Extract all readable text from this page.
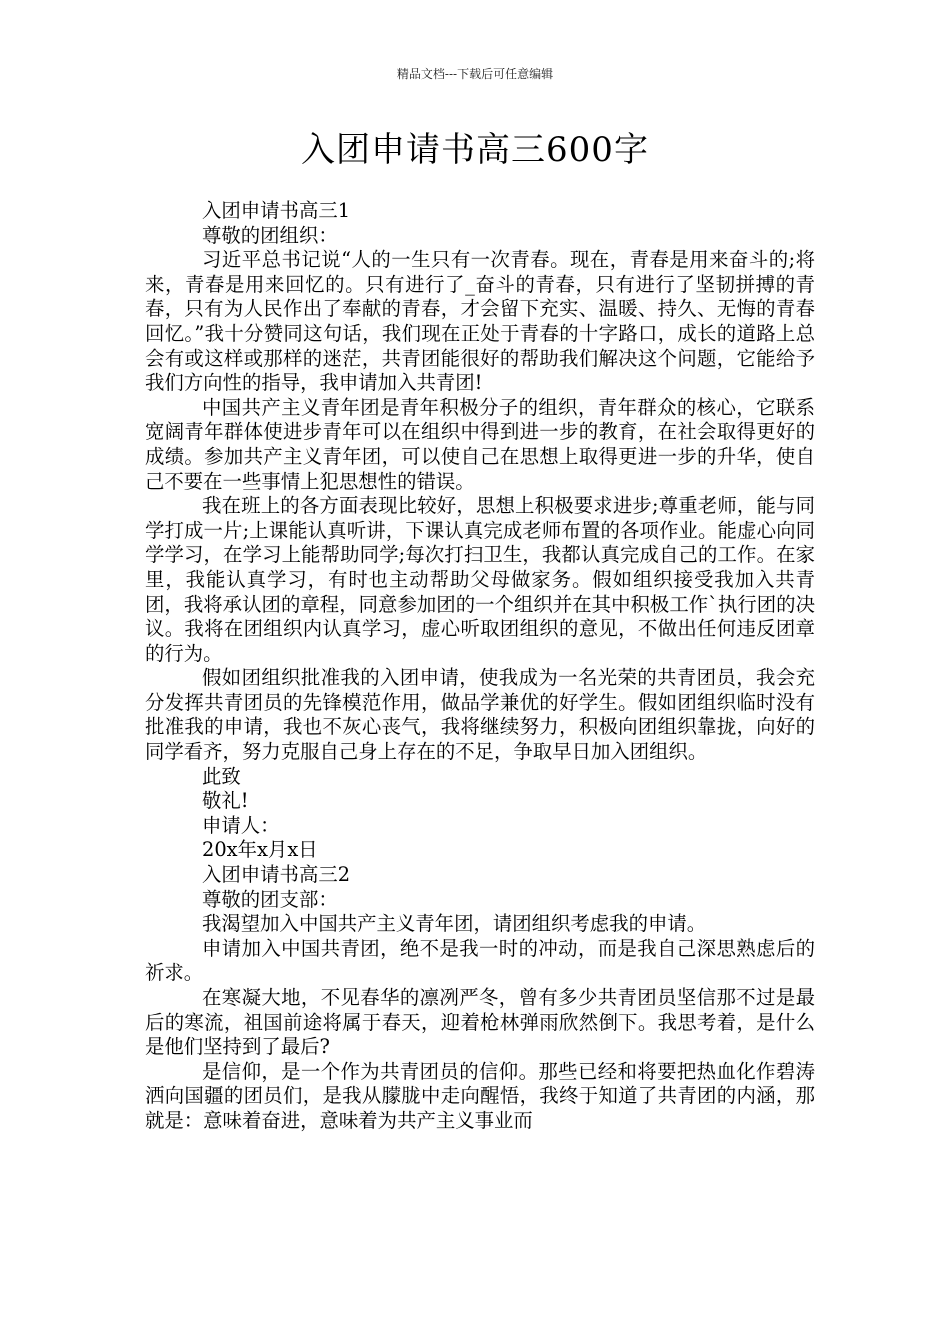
精品文档---下载后可任意编辑
入团申请书高三600字

入团申请书高三1

尊敬的团组织：

习近平总书记说“人的一生只有一次青春。现在，青春是用来奋斗的;将来，青春是用来回忆的。只有进行了_奋斗的青春，只有进行了坚韧拼搏的青春，只有为人民作出了奉献的青春，才会留下充实、温暖、持久、无悔的青春回忆。”我十分赞同这句话，我们现在正处于青春的十字路口，成长的道路上总会有或这样或那样的迷茫，共青团能很好的帮助我们解决这个问题，它能给予我们方向性的指导，我申请加入共青团!

中国共产主义青年团是青年积极分子的组织，青年群众的核心，它联系宽阔青年群体使进步青年可以在组织中得到进一步的教育，在社会取得更好的成绩。参加共产主义青年团，可以使自己在思想上取得更进一步的升华，使自己不要在一些事情上犯思想性的错误。

我在班上的各方面表现比较好，思想上积极要求进步;尊重老师，能与同学打成一片;上课能认真听讲，下课认真完成老师布置的各项作业。能虚心向同学学习，在学习上能帮助同学;每次打扫卫生，我都认真完成自己的工作。在家里，我能认真学习，有时也主动帮助父母做家务。假如组织接受我加入共青团，我将承认团的章程，同意参加团的一个组织并在其中积极工作`执行团的决议。我将在团组织内认真学习，虚心听取团组织的意见，不做出任何违反团章的行为。

假如团组织批准我的入团申请，使我成为一名光荣的共青团员，我会充分发挥共青团员的先锋模范作用，做品学兼优的好学生。假如团组织临时没有批准我的申请，我也不灰心丧气，我将继续努力，积极向团组织靠拢，向好的同学看齐，努力克服自己身上存在的不足，争取早日加入团组织。

此致

敬礼!

申请人：

20x年x月x日

入团申请书高三2

尊敬的团支部：

我渴望加入中国共产主义青年团，请团组织考虑我的申请。

申请加入中国共青团，绝不是我一时的冲动，而是我自己深思熟虑后的祈求。

在寒凝大地，不见春华的凛冽严冬，曾有多少共青团员坚信那不过是最后的寒流，祖国前途将属于春天，迎着枪林弹雨欣然倒下。我思考着，是什么是他们坚持到了最后?

是信仰，是一个作为共青团员的信仰。那些已经和将要把热血化作碧涛洒向国疆的团员们，是我从朦胧中走向醒悟，我终于知道了共青团的内涵，那就是：意味着奋进，意味着为共产主义事业而
